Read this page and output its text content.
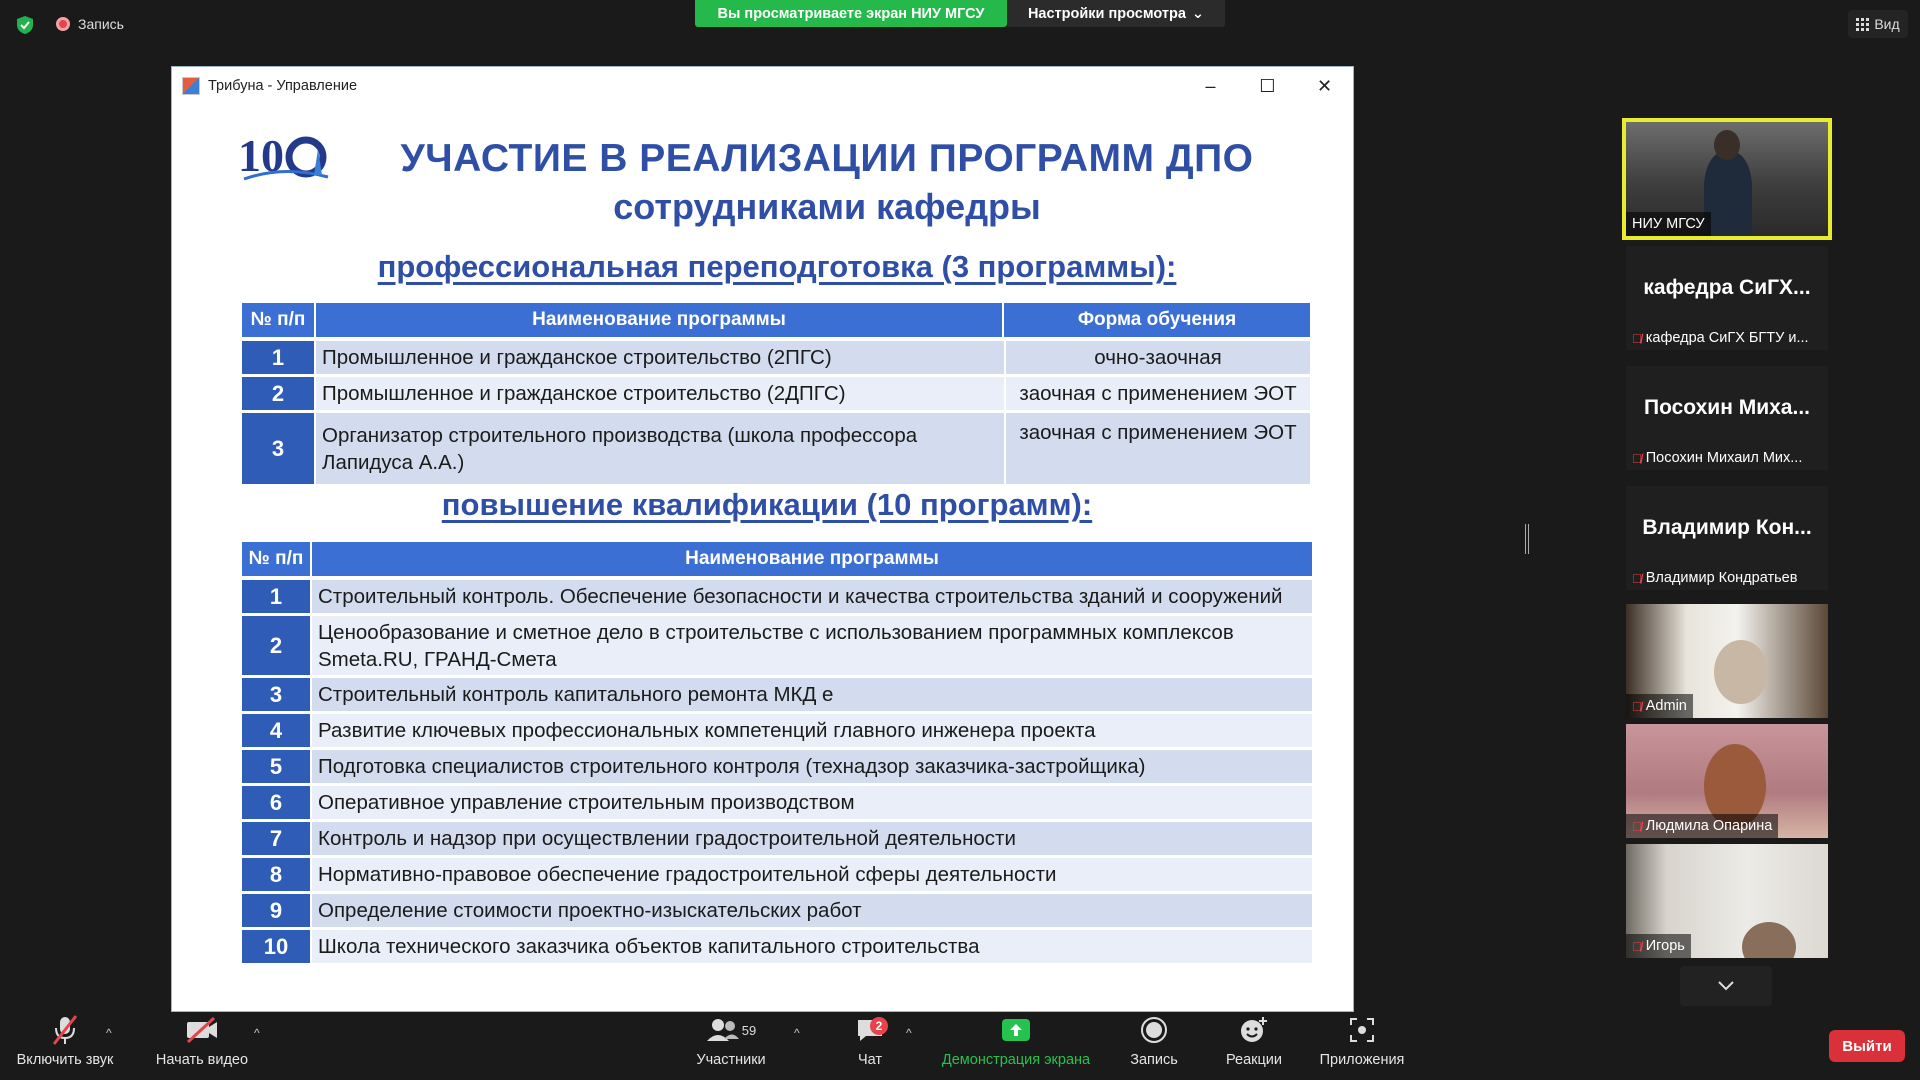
Запись
Вы просматриваете экран НИУ МГСУ	Настройки просмотра ⌄
Вид
Трибуна - Управление	–	☐	✕
10	УЧАСТИЕ В РЕАЛИЗАЦИИ ПРОГРАММ ДПО
сотрудниками кафедры
профессиональная переподготовка (3 программы):
№ п/п	Наименование программы	Форма обучения
1	Промышленное и гражданское строительство (2ПГС)	очно-заочная
2	Промышленное и гражданское строительство (2ДПГС)	заочная с применением ЭОТ
3	Организатор строительного производства (школа профессора Лапидуса А.А.)	заочная с применением ЭОТ
повышение квалификации (10 программ):
№ п/п	Наименование программы
1	Строительный контроль. Обеспечение безопасности и качества строительства зданий и сооружений
2	Ценообразование и сметное дело в строительстве с использованием программных комплексов Smeta.RU, ГРАНД-Смета
3	Строительный контроль капитального ремонта МКД е
4	Развитие ключевых профессиональных компетенций главного инженера проекта
5	Подготовка специалистов строительного контроля (технадзор заказчика-застройщика)
6	Оперативное управление строительным производством
7	Контроль и надзор при осуществлении градостроительной деятельности
8	Нормативно-правовое обеспечение градостроительной сферы деятельности
9	Определение стоимости проектно-изыскательских работ
10	Школа технического заказчика объектов капитального строительства
НИУ МГСУ
кафедра СиГХ...
🎙̸ кафедра СиГХ БГТУ и...
Посохин Миха...
🎙̸ Посохин Михаил Мих...
Владимир Кон...
🎙̸ Владимир Кондратьев
🎙̸ Admin
🎙̸ Людмила Опарина
🎙̸ Игорь
Включить звук
^
Начать видео
^	59
Участники
^	2
Чат
^
Демонстрация экрана	Запись	Реакции	Приложения
Выйти
